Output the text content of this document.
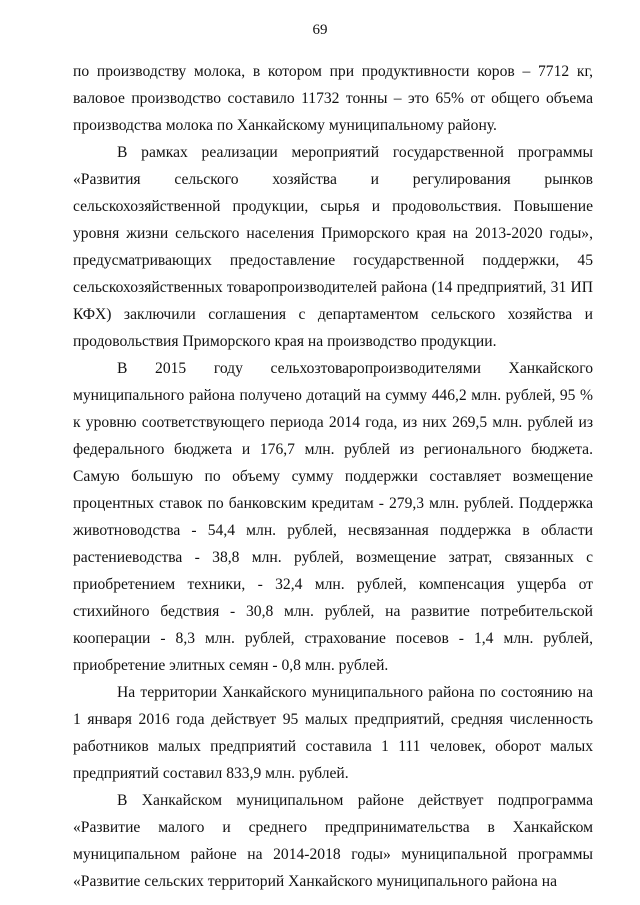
69

по производству молока, в котором при продуктивности коров – 7712 кг, валовое производство составило 11732 тонны – это 65% от общего объема производства молока по Ханкайскому муниципальному району.

В рамках реализации мероприятий государственной программы «Развития сельского хозяйства и регулирования рынков сельскохозяйственной продукции, сырья и продовольствия. Повышение уровня жизни сельского населения Приморского края на 2013-2020 годы», предусматривающих предоставление государственной поддержки, 45 сельскохозяйственных товаропроизводителей района (14 предприятий, 31 ИП КФХ) заключили соглашения с департаментом сельского хозяйства и продовольствия Приморского края на производство продукции.

В 2015 году сельхозтоваропроизводителями Ханкайского муниципального района получено дотаций на сумму 446,2 млн. рублей, 95 % к уровню соответствующего периода 2014 года, из них 269,5 млн. рублей из федерального бюджета и 176,7 млн. рублей из регионального бюджета. Самую большую по объему сумму поддержки составляет возмещение процентных ставок по банковским кредитам - 279,3 млн. рублей. Поддержка животноводства - 54,4 млн. рублей, несвязанная поддержка в области растениеводства - 38,8 млн. рублей, возмещение затрат, связанных с приобретением техники, - 32,4 млн. рублей, компенсация ущерба от стихийного бедствия - 30,8 млн. рублей, на развитие потребительской кооперации - 8,3 млн. рублей, страхование посевов - 1,4 млн. рублей, приобретение элитных семян - 0,8 млн. рублей.

На территории Ханкайского муниципального района по состоянию на 1 января 2016 года действует 95 малых предприятий, средняя численность работников малых предприятий составила 1 111 человек, оборот малых предприятий составил 833,9 млн. рублей.

В Ханкайском муниципальном районе действует подпрограмма «Развитие малого и среднего предпринимательства в Ханкайском муниципальном районе на 2014-2018 годы» муниципальной программы «Развитие сельских территорий Ханкайского муниципального района на
